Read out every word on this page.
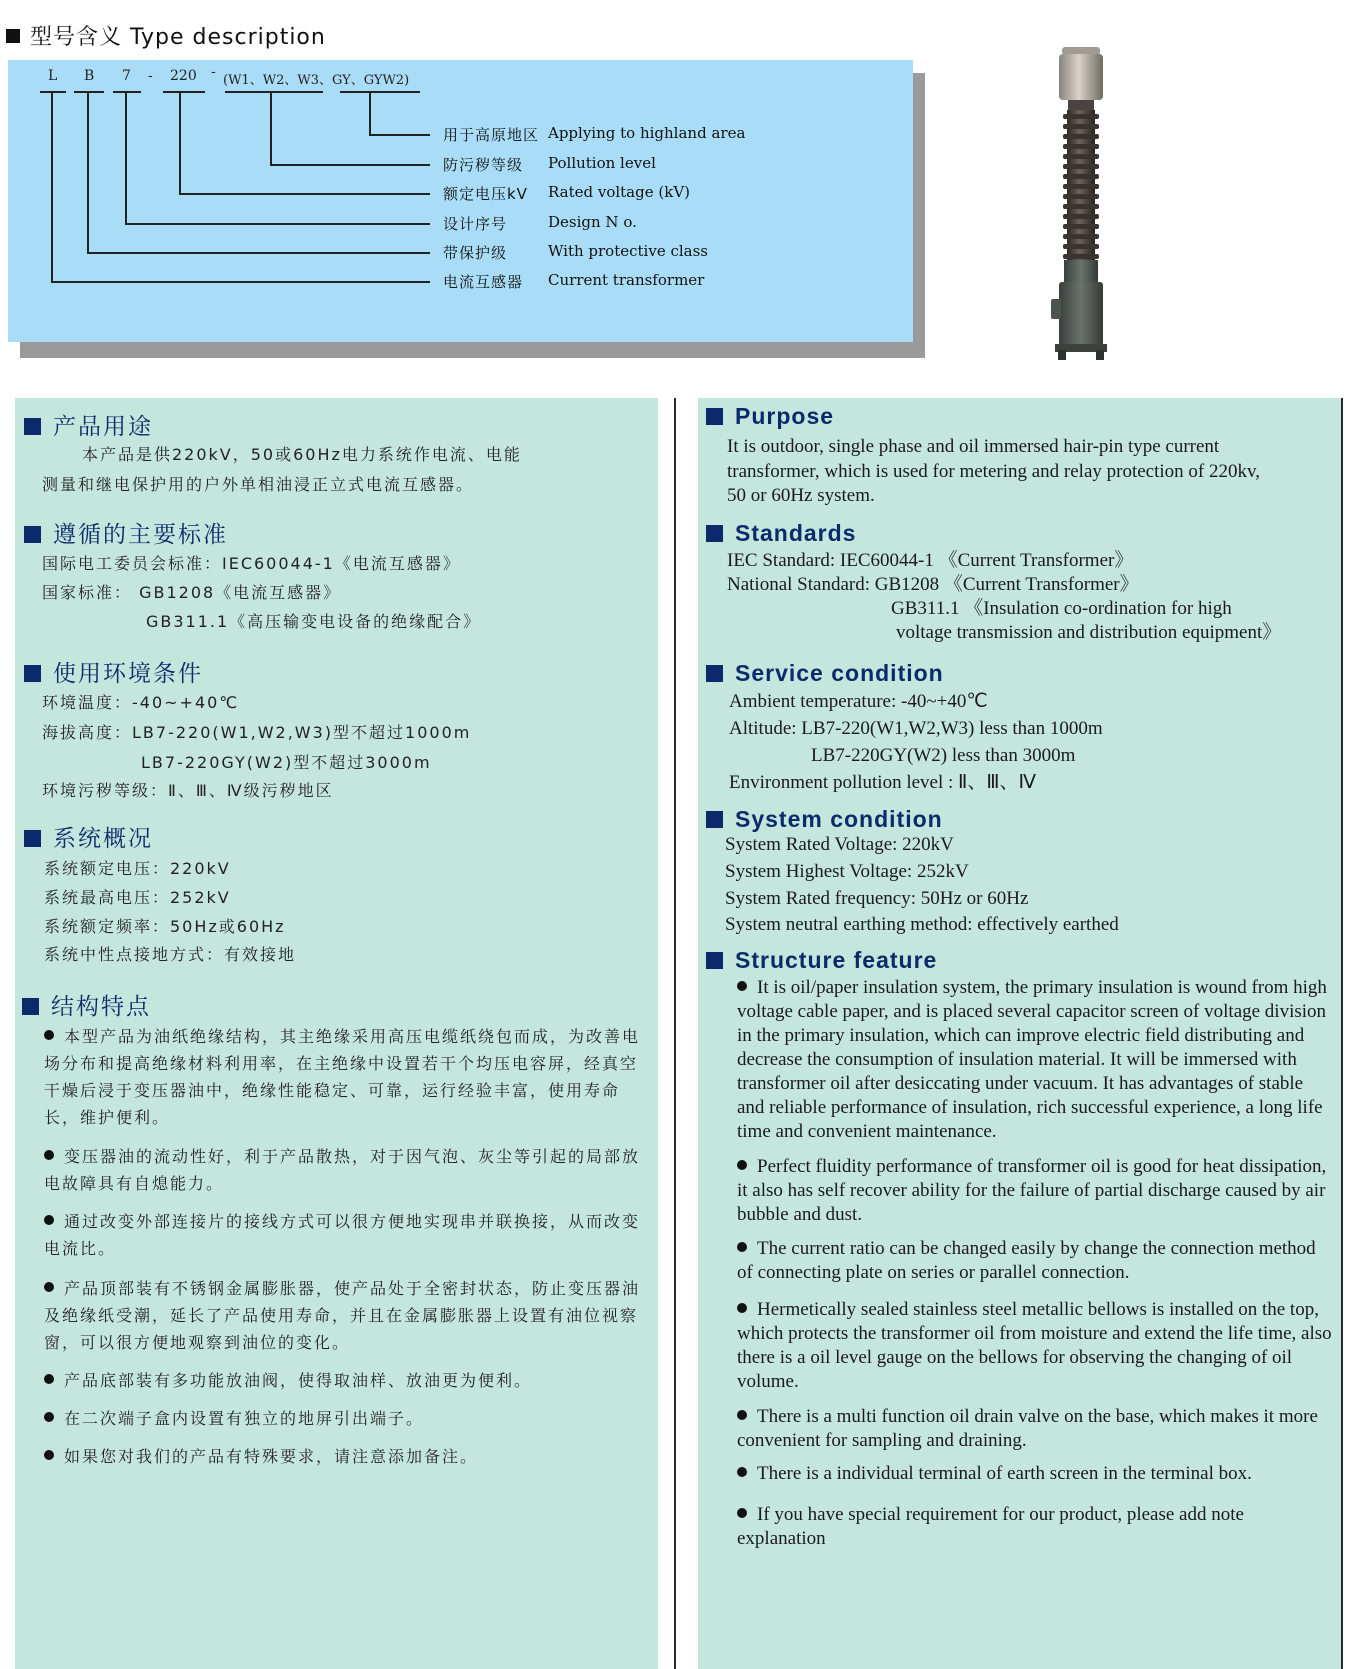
型号含义 Type description
L B 7 - 220 -
(W1、W2、W3、GY、GYW2)
用于高原地区 Applying to highland area
防污秽等级 Pollution level
额定电压kV Rated voltage (kV)
设计序号	Design N o.
带保护级	With protective class
电流互感器 Current transformer
产品用途
本产品是供220kV，50或60Hz电力系统作电流、电能
测量和继电保护用的户外单相油浸正立式电流互感器。
遵循的主要标准
国际电工委员会标准：IEC60044-1《电流互感器》
国家标准： GB1208《电流互感器》
GB311.1《高压输变电设备的绝缘配合》
使用环境条件
环境温度：-40~+40℃
海拔高度：LB7-220(W1,W2,W3)型不超过1000m
LB7-220GY(W2)型不超过3000m
环境污秽等级：Ⅱ、Ⅲ、Ⅳ级污秽地区
系统概况
系统额定电压：220kV
系统最高电压：252kV
系统额定频率：50Hz或60Hz
系统中性点接地方式：有效接地
结构特点
本型产品为油纸绝缘结构，其主绝缘采用高压电缆纸绕包而成，为改善电场分布和提高绝缘材料利用率，在主绝缘中设置若干个均压电容屏，经真空干燥后浸于变压器油中，绝缘性能稳定、可靠，运行经验丰富，使用寿命长，维护便利。
变压器油的流动性好，利于产品散热，对于因气泡、灰尘等引起的局部放电故障具有自熄能力。
通过改变外部连接片的接线方式可以很方便地实现串并联换接，从而改变电流比。
产品顶部装有不锈钢金属膨胀器，使产品处于全密封状态，防止变压器油及绝缘纸受潮，延长了产品使用寿命，并且在金属膨胀器上设置有油位视察窗，可以很方便地观察到油位的变化。
产品底部装有多功能放油阀，使得取油样、放油更为便利。
在二次端子盒内设置有独立的地屏引出端子。
如果您对我们的产品有特殊要求，请注意添加备注。
Purpose
It is outdoor, single phase and oil immersed hair-pin type current
transformer, which is used for metering and relay protection of 220kv,
50 or 60Hz system.
Standards
IEC Standard: IEC60044-1 《Current Transformer》
National Standard: GB1208 《Current Transformer》
GB311.1 《Insulation co-ordination for high
voltage transmission and distribution equipment》
Service condition
Ambient temperature: -40~+40℃
Altitude: LB7-220(W1,W2,W3) less than 1000m
LB7-220GY(W2) less than 3000m
Environment pollution level : Ⅱ、Ⅲ、Ⅳ
System condition
System Rated Voltage: 220kV
System Highest Voltage: 252kV
System Rated frequency: 50Hz or 60Hz
System neutral earthing method: effectively earthed
Structure feature
It is oil/paper insulation system, the primary insulation is wound from high voltage cable paper, and is placed several capacitor screen of voltage division in the primary insulation, which can improve electric field distributing and decrease the consumption of insulation material. It will be immersed with transformer oil after desiccating under vacuum. It has advantages of stable and reliable performance of insulation, rich successful experience, a long life time and convenient maintenance.
Perfect fluidity performance of transformer oil is good for heat dissipation, it also has self recover ability for the failure of partial discharge caused by air bubble and dust.
The current ratio can be changed easily by change the connection method of connecting plate on series or parallel connection.
Hermetically sealed stainless steel metallic bellows is installed on the top, which protects the transformer oil from moisture and extend the life time, also there is a oil level gauge on the bellows for observing the changing of oil volume.
There is a multi function oil drain valve on the base, which makes it more convenient for sampling and draining.
There is a individual terminal of earth screen in the terminal box.
If you have special requirement for our product, please add note explanation
